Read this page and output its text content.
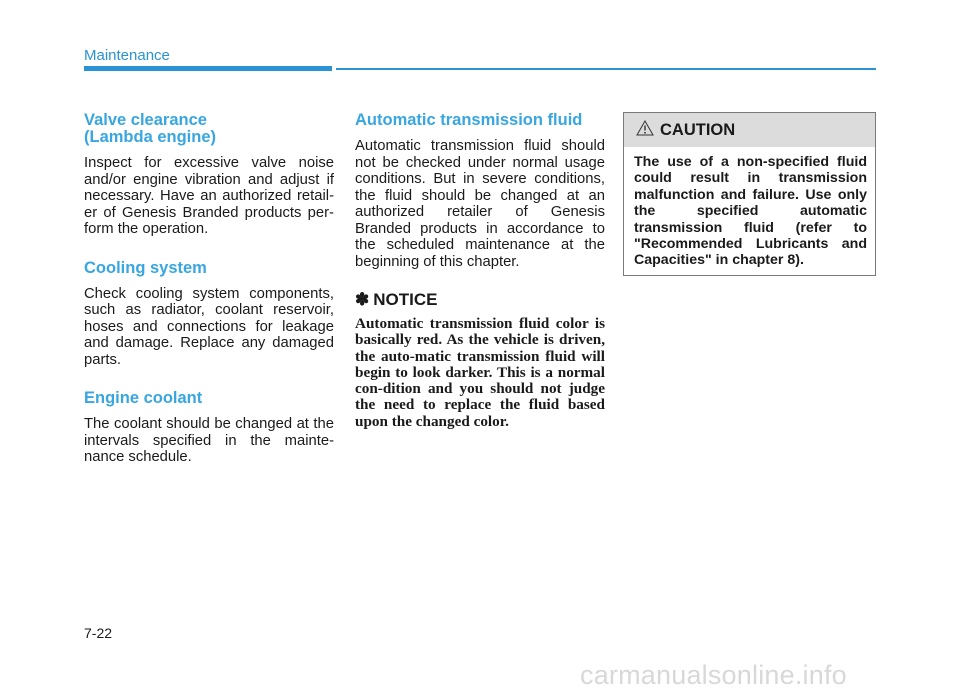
Maintenance
Valve clearance
(Lambda engine)

Inspect for excessive valve noise and/or engine vibration and adjust if necessary. Have an authorized retail-er of Genesis Branded products per-form the operation.

Cooling system

Check cooling system components, such as radiator, coolant reservoir, hoses and connections for leakage and damage. Replace any damaged parts.

Engine coolant

The coolant should be changed at the intervals specified in the mainte-nance schedule.

Automatic transmission fluid

Automatic transmission fluid should not be checked under normal usage conditions. But in severe conditions, the fluid should be changed at an authorized retailer of Genesis Branded products in accordance to the scheduled maintenance at the beginning of this chapter.

✽ NOTICE

Automatic transmission fluid color is basically red. As the vehicle is driven, the auto-matic transmission fluid will begin to look darker. This is a normal con-dition and you should not judge the need to replace the fluid based upon the changed color.

CAUTION

The use of a non-specified fluid could result in transmission malfunction and failure. Use only the specified automatic transmission fluid (refer to "Recommended Lubricants and Capacities" in chapter 8).

7-22
carmanualsonline.info
